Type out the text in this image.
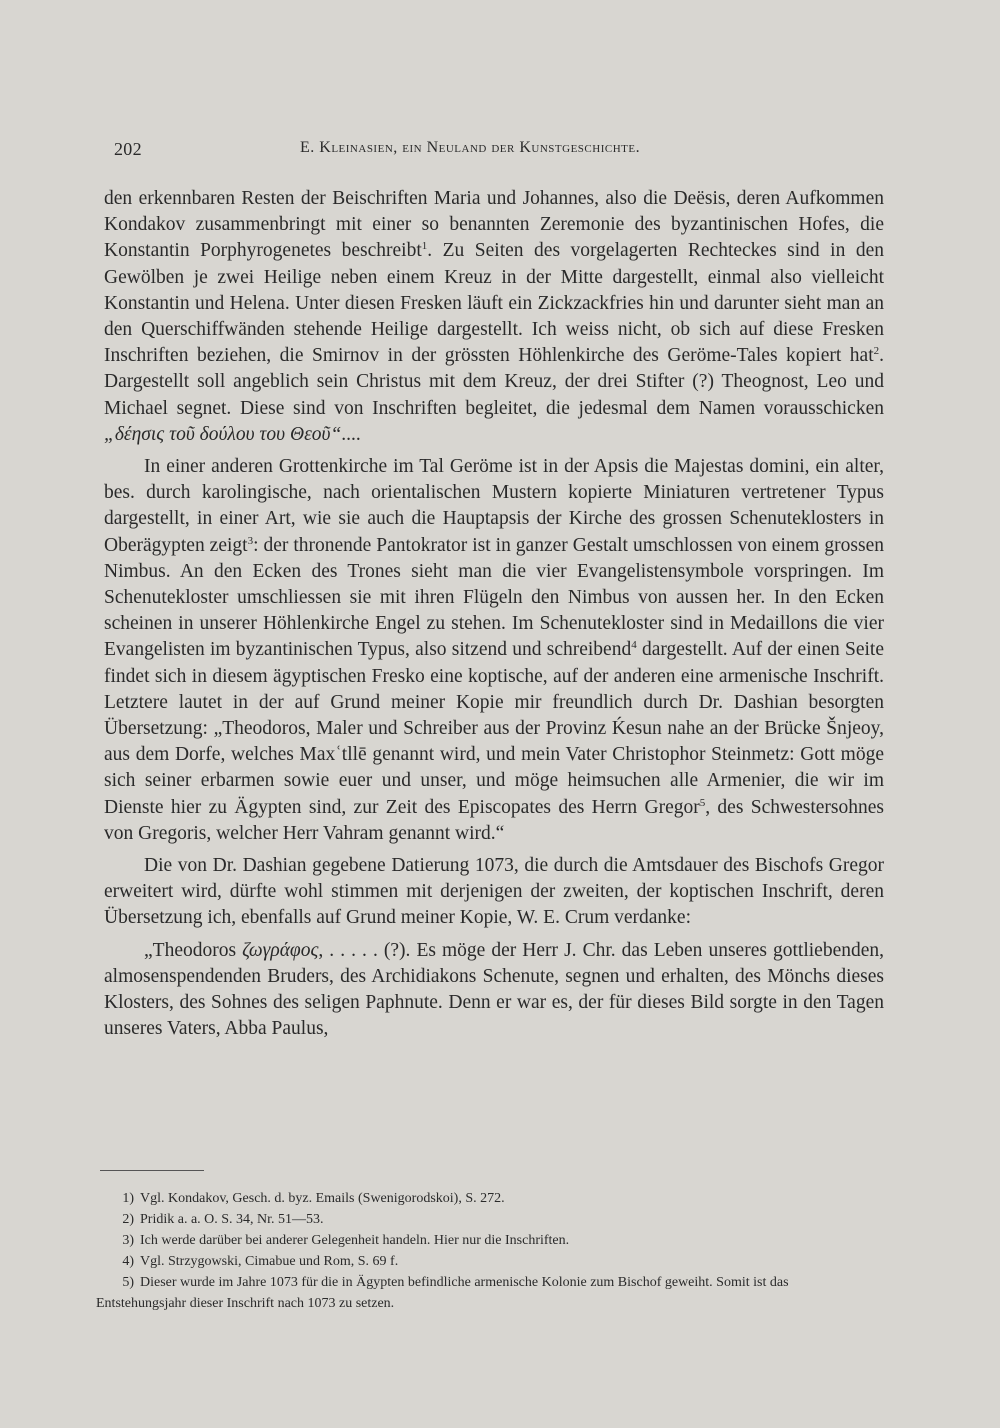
202	E. Kleinasien, ein Neuland der Kunstgeschichte.

den erkennbaren Resten der Beischriften Maria und Johannes, also die Deësis, deren Aufkommen Kondakov zusammenbringt mit einer so benannten Zeremonie des byzantinischen Hofes, die Konstantin Porphyrogenetes beschreibt$^1$. Zu Seiten des vorgelagerten Rechteckes sind in den Gewölben je zwei Heilige neben einem Kreuz in der Mitte dargestellt, einmal also vielleicht Konstantin und Helena. Unter diesen Fresken läuft ein Zickzackfries hin und darunter sieht man an den Querschiffwänden stehende Heilige dargestellt. Ich weiss nicht, ob sich auf diese Fresken Inschriften beziehen, die Smirnov in der grössten Höhlenkirche des Geröme-Tales kopiert hat$^2$. Dargestellt soll angeblich sein Christus mit dem Kreuz, der drei Stifter (?) Theognost, Leo und Michael segnet. Diese sind von Inschriften begleitet, die jedesmal dem Namen vorausschicken „δέησις τοῦ δούλου του Θεοῦ“....

In einer anderen Grottenkirche im Tal Geröme ist in der Apsis die Majestas domini, ein alter, bes. durch karolingische, nach orientalischen Mustern kopierte Miniaturen vertretener Typus dargestellt, in einer Art, wie sie auch die Hauptapsis der Kirche des grossen Schenuteklosters in Oberägypten zeigt$^3$: der thronende Pantokrator ist in ganzer Gestalt umschlossen von einem grossen Nimbus. An den Ecken des Trones sieht man die vier Evangelistensymbole vorspringen. Im Schenutekloster umschliessen sie mit ihren Flügeln den Nimbus von aussen her. In den Ecken scheinen in unserer Höhlenkirche Engel zu stehen. Im Schenutekloster sind in Medaillons die vier Evangelisten im byzantinischen Typus, also sitzend und schreibend$^4$ dargestellt. Auf der einen Seite findet sich in diesem ägyptischen Fresko eine koptische, auf der anderen eine armenische Inschrift. Letztere lautet in der auf Grund meiner Kopie mir freundlich durch Dr. Dashian besorgten Übersetzung: „Theodoros, Maler und Schreiber aus der Provinz Ḱesun nahe an der Brücke Šnjeoy, aus dem Dorfe, welches Maxʿtllē genannt wird, und mein Vater Christophor Steinmetz: Gott möge sich seiner erbarmen sowie euer und unser, und möge heimsuchen alle Armenier, die wir im Dienste hier zu Ägypten sind, zur Zeit des Episcopates des Herrn Gregor$^5$, des Schwestersohnes von Gregoris, welcher Herr Vahram genannt wird.“

Die von Dr. Dashian gegebene Datierung 1073, die durch die Amtsdauer des Bischofs Gregor erweitert wird, dürfte wohl stimmen mit derjenigen der zweiten, der koptischen Inschrift, deren Übersetzung ich, ebenfalls auf Grund meiner Kopie, W. E. Crum verdanke:

„Theodoros ζωγράφος, . . . . . (?). Es möge der Herr J. Chr. das Leben unseres gottliebenden, almosenspendenden Bruders, des Archidiakons Schenute, segnen und erhalten, des Mönchs dieses Klosters, des Sohnes des seligen Paphnute. Denn er war es, der für dieses Bild sorgte in den Tagen unseres Vaters, Abba Paulus,

1) Vgl. Kondakov, Gesch. d. byz. Emails (Swenigorodskoi), S. 272.

2) Pridik a. a. O. S. 34, Nr. 51—53.

3) Ich werde darüber bei anderer Gelegenheit handeln. Hier nur die Inschriften.

4) Vgl. Strzygowski, Cimabue und Rom, S. 69 f.

5) Dieser wurde im Jahre 1073 für die in Ägypten befindliche armenische Kolonie zum Bischof geweiht. Somit ist das Entstehungsjahr dieser Inschrift nach 1073 zu setzen.
